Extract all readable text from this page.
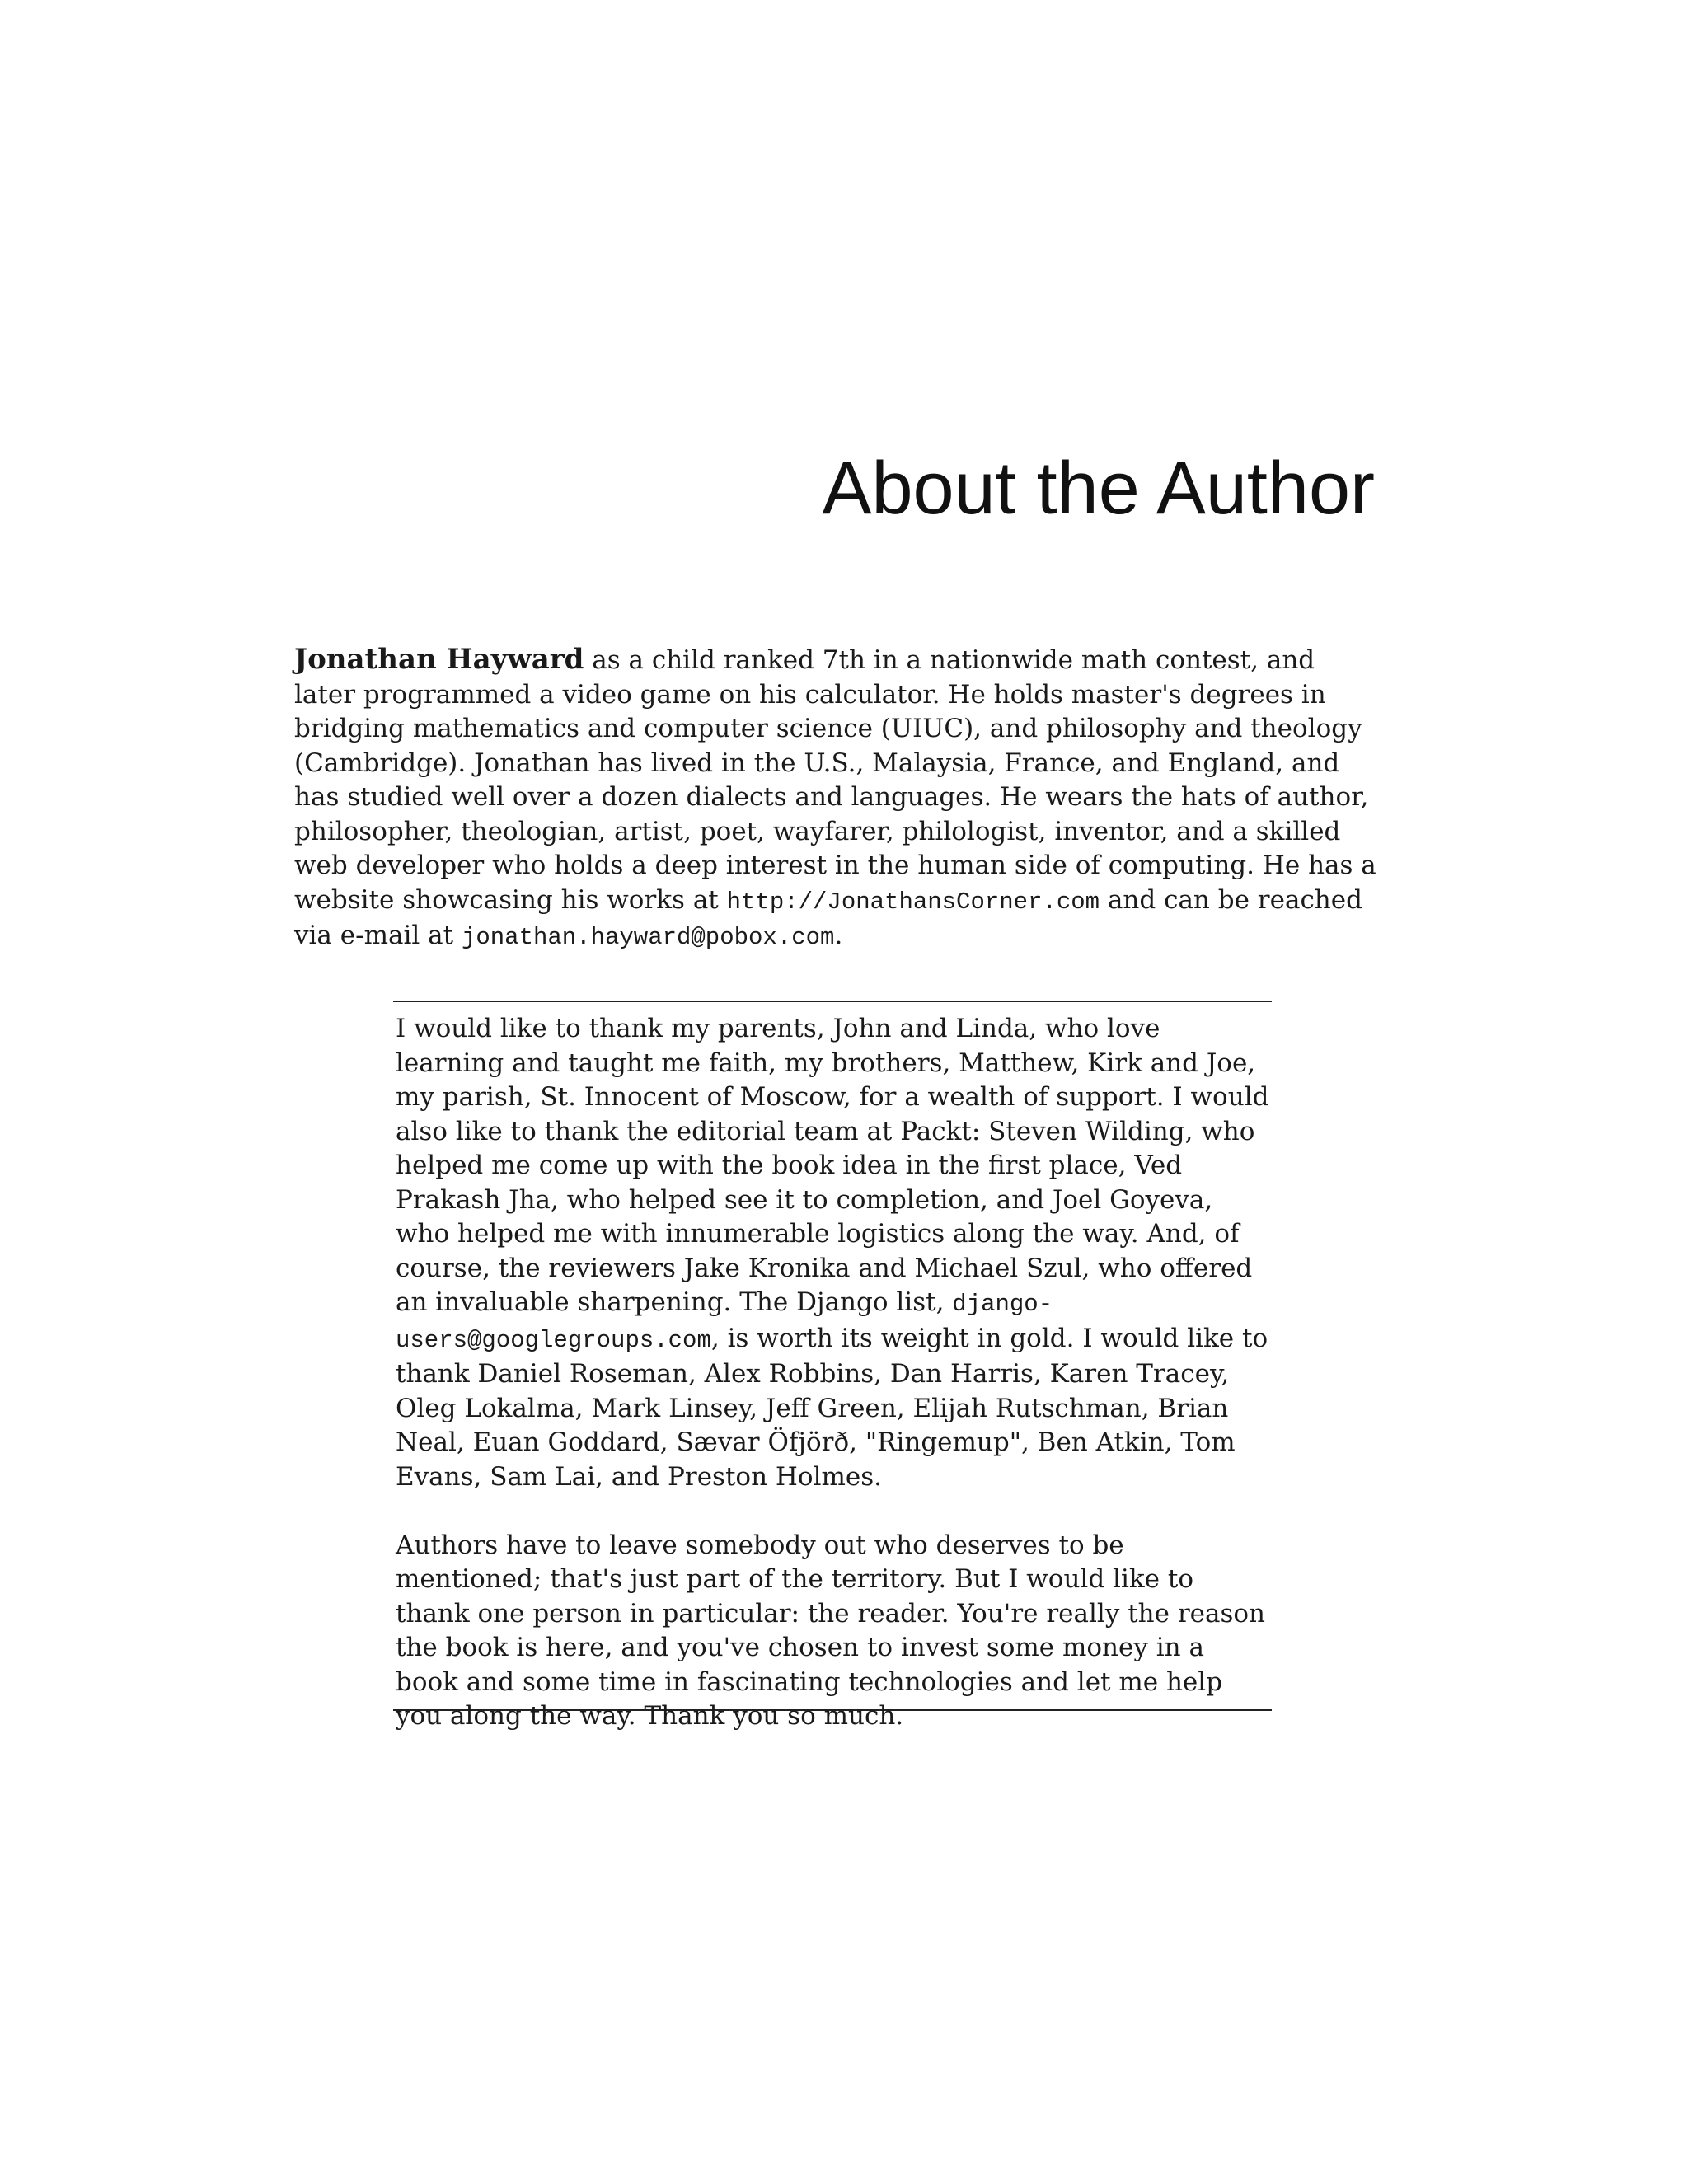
About the Author

Jonathan Hayward as a child ranked 7th in a nationwide math contest, and later programmed a video game on his calculator. He holds master's degrees in bridging mathematics and computer science (UIUC), and philosophy and theology (Cambridge). Jonathan has lived in the U.S., Malaysia, France, and England, and has studied well over a dozen dialects and languages. He wears the hats of author, philosopher, theologian, artist, poet, wayfarer, philologist, inventor, and a skilled web developer who holds a deep interest in the human side of computing. He has a website showcasing his works at http://JonathansCorner.com and can be reached via e-mail at jonathan.hayward@pobox.com.

I would like to thank my parents, John and Linda, who love learning and taught me faith, my brothers, Matthew, Kirk and Joe, my parish, St. Innocent of Moscow, for a wealth of support. I would also like to thank the editorial team at Packt: Steven Wilding, who helped me come up with the book idea in the first place, Ved Prakash Jha, who helped see it to completion, and Joel Goyeva, who helped me with innumerable logistics along the way. And, of course, the reviewers Jake Kronika and Michael Szul, who offered an invaluable sharpening. The Django list, django-users@googlegroups.com, is worth its weight in gold. I would like to thank Daniel Roseman, Alex Robbins, Dan Harris, Karen Tracey, Oleg Lokalma, Mark Linsey, Jeff Green, Elijah Rutschman, Brian Neal, Euan Goddard, Sævar Öfjörð, "Ringemup", Ben Atkin, Tom Evans, Sam Lai, and Preston Holmes.

Authors have to leave somebody out who deserves to be mentioned; that's just part of the territory. But I would like to thank one person in particular: the reader. You're really the reason the book is here, and you've chosen to invest some money in a book and some time in fascinating technologies and let me help you along the way. Thank you so much.
